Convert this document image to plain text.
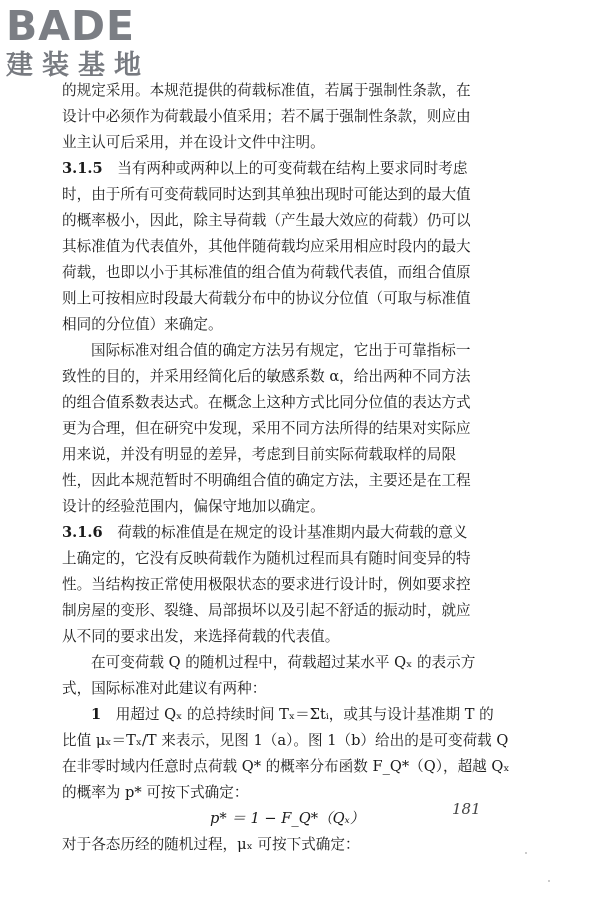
BADE
建装基地
的规定采用。本规范提供的荷载标准值，若属于强制性条款，在
设计中必须作为荷载最小值采用；若不属于强制性条款，则应由
业主认可后采用，并在设计文件中注明。
3.1.5  当有两种或两种以上的可变荷载在结构上要求同时考虑
时，由于所有可变荷载同时达到其单独出现时可能达到的最大值
的概率极小，因此，除主导荷载（产生最大效应的荷载）仍可以
其标准值为代表值外，其他伴随荷载均应采用相应时段内的最大
荷载，也即以小于其标准值的组合值为荷载代表值，而组合值原
则上可按相应时段最大荷载分布中的协议分位值（可取与标准值
相同的分位值）来确定。
国际标准对组合值的确定方法另有规定，它出于可靠指标一
致性的目的，并采用经简化后的敏感系数 α，给出两种不同方法
的组合值系数表达式。在概念上这种方式比同分位值的表达方式
更为合理，但在研究中发现，采用不同方法所得的结果对实际应
用来说，并没有明显的差异，考虑到目前实际荷载取样的局限
性，因此本规范暂时不明确组合值的确定方法，主要还是在工程
设计的经验范围内，偏保守地加以确定。
3.1.6  荷载的标准值是在规定的设计基准期内最大荷载的意义
上确定的，它没有反映荷载作为随机过程而具有随时间变异的特
性。当结构按正常使用极限状态的要求进行设计时，例如要求控
制房屋的变形、裂缝、局部损坏以及引起不舒适的振动时，就应
从不同的要求出发，来选择荷载的代表值。
在可变荷载 Q 的随机过程中，荷载超过某水平 Qₓ 的表示方
式，国际标准对此建议有两种：
1  用超过 Qₓ 的总持续时间 Tₓ＝Σtᵢ，或其与设计基准期 T 的
比值 μₓ＝Tₓ/T 来表示，见图 1（a）。图 1（b）给出的是可变荷载 Q
在非零时域内任意时点荷载 Q* 的概率分布函数 F_Q*（Q），超越 Qₓ
的概率为 p* 可按下式确定：
p* ＝ 1 − F_Q*（Qₓ）
对于各态历经的随机过程，μₓ 可按下式确定：
181
